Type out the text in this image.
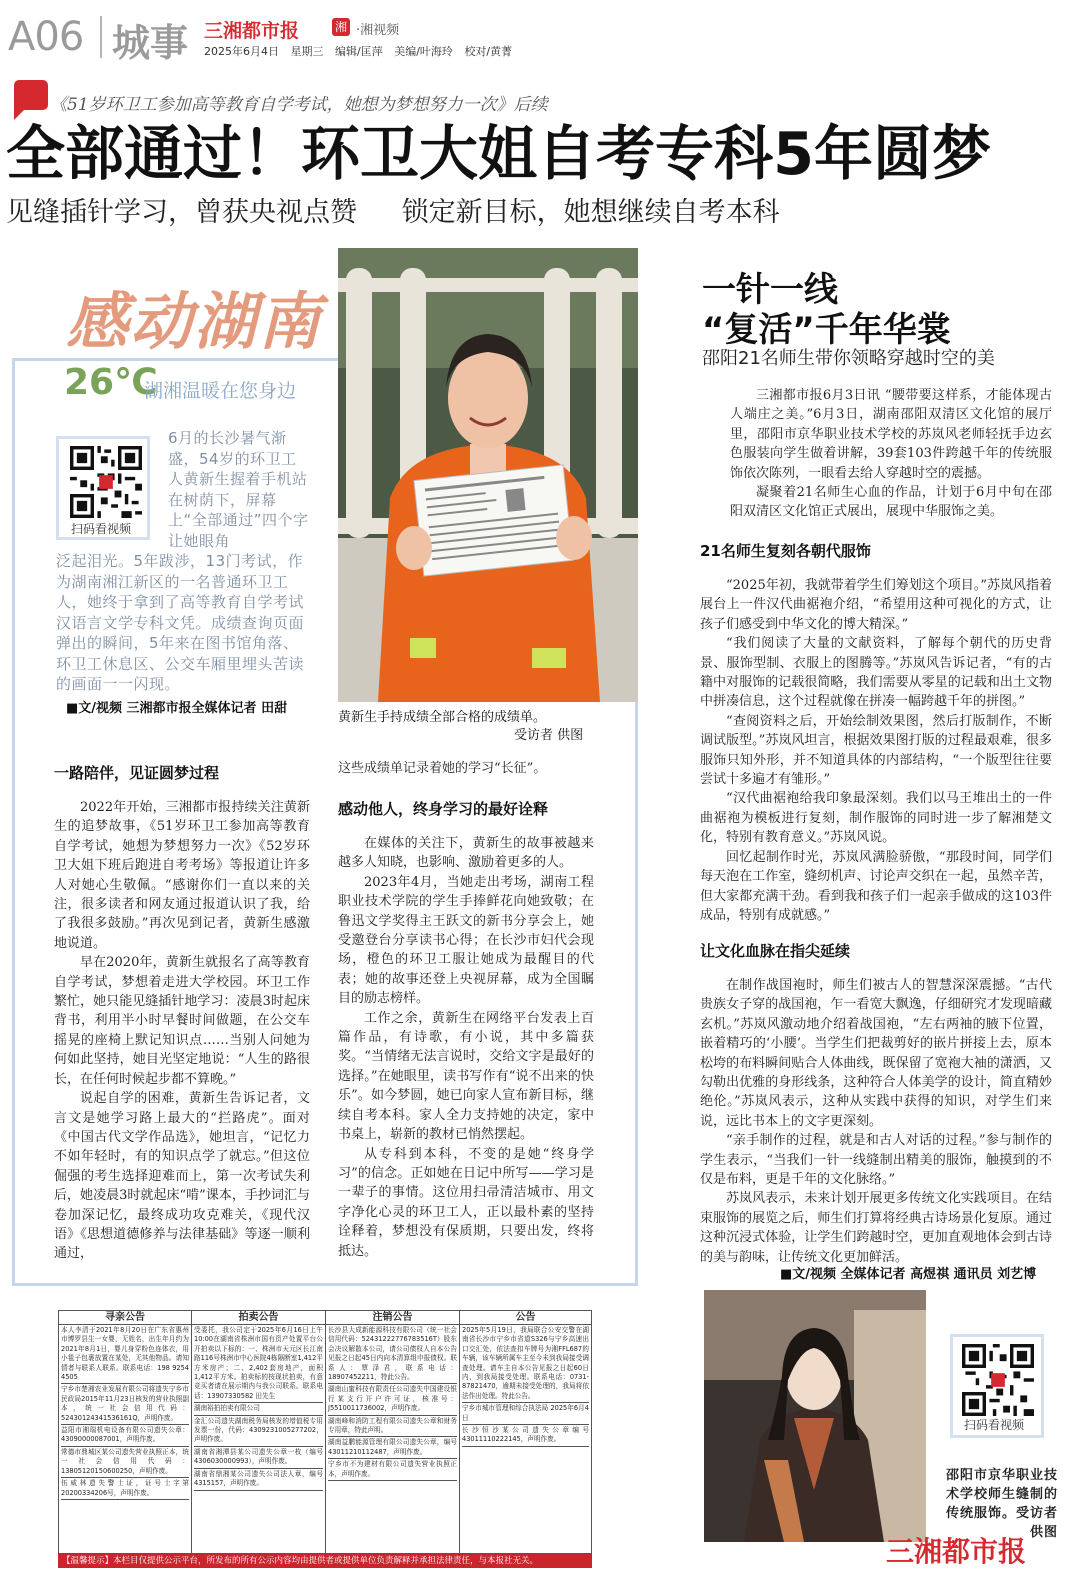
A06 城事 三湘都市报	湘 ·湘视频
2025年6月4日 星期三 编辑/匡萍 美编/叶海玲 校对/黄菁
《51岁环卫工参加高等教育自学考试，她想为梦想努力一次》后续
全部通过！环卫大姐自考专科5年圆梦
见缝插针学习，曾获央视点赞 锁定新目标，她想继续自考本科
感动湖南
26℃
湖湘温暖在您身边
扫码看视频
6月的长沙暑气渐盛，54岁的环卫工人黄新生握着手机站在树荫下，屏幕上“全部通过”四个字让她眼角
泛起泪光。5年跋涉，13门考试，作为湖南湘江新区的一名普通环卫工人，她终于拿到了高等教育自学考试汉语言文学专科文凭。成绩查询页面弹出的瞬间，5年来在图书馆角落、环卫工休息区、公交车厢里埋头苦读的画面一一闪现。
■文/视频 三湘都市报全媒体记者 田甜
黄新生手持成绩全部合格的成绩单。
受访者 供图
一路陪伴，见证圆梦过程

2022年开始，三湘都市报持续关注黄新生的追梦故事，《51岁环卫工参加高等教育自学考试，她想为梦想努力一次》《52岁环卫大姐下班后跑进自考考场》等报道让许多人对她心生敬佩。“感谢你们一直以来的关注，很多读者和网友通过报道认识了我，给了我很多鼓励。”再次见到记者，黄新生感激地说道。

早在2020年，黄新生就报名了高等教育自学考试，梦想着走进大学校园。环卫工作繁忙，她只能见缝插针地学习：凌晨3时起床背书，利用半小时早餐时间做题，在公交车摇晃的座椅上默记知识点……当别人问她为何如此坚持，她目光坚定地说：“人生的路很长，在任何时候起步都不算晚。”

说起自学的困难，黄新生告诉记者，文言文是她学习路上最大的“拦路虎”。面对《中国古代文学作品选》，她坦言，“记忆力不如年轻时，有的知识点学了就忘。”但这位倔强的考生选择迎难而上，第一次考试失利后，她凌晨3时就起床“啃”课本，手抄词汇与卷加深记忆，最终成功攻克难关，《现代汉语》《思想道德修养与法律基础》等逐一顺利通过，

这些成绩单记录着她的学习“长征”。
感动他人，终身学习的最好诠释

在媒体的关注下，黄新生的故事被越来越多人知晓，也影响、激励着更多的人。

2023年4月，当她走出考场，湖南工程职业技术学院的学生手捧鲜花向她致敬；在鲁迅文学奖得主王跃文的新书分享会上，她受邀登台分享读书心得；在长沙市妇代会现场，橙色的环卫工服让她成为最醒目的代表；她的故事还登上央视屏幕，成为全国瞩目的励志榜样。

工作之余，黄新生在网络平台发表上百篇作品，有诗歌，有小说，其中多篇获奖。“当情绪无法言说时，交给文字是最好的选择。”在她眼里，读书写作有“说不出来的快乐”。如今梦圆，她已向家人宣布新目标，继续自考本科。家人全力支持她的决定，家中书桌上，崭新的教材已悄然摆起。

从专科到本科，不变的是她“终身学习”的信念。正如她在日记中所写——学习是一辈子的事情。这位用扫帚清洁城市、用文字净化心灵的环卫工人，正以最朴素的坚持诠释着，梦想没有保质期，只要出发，终将抵达。

一针一线
“复活”千年华裳
邵阳21名师生带你领略穿越时空的美

三湘都市报6月3日讯 “腰带要这样系，才能体现古人端庄之美。”6月3日，湖南邵阳双清区文化馆的展厅里，邵阳市京华职业技术学校的苏岚风老师轻抚手边玄色服装向学生做着讲解，39套103件跨越千年的传统服饰依次陈列，一眼看去给人穿越时空的震撼。

凝聚着21名师生心血的作品，计划于6月中旬在邵阳双清区文化馆正式展出，展现中华服饰之美。

21名师生复刻各朝代服饰

“2025年初，我就带着学生们筹划这个项目。”苏岚风指着展台上一件汉代曲裾袍介绍，“希望用这种可视化的方式，让孩子们感受到中华文化的博大精深。”

“我们阅读了大量的文献资料，了解每个朝代的历史背景、服饰型制、衣服上的图腾等。”苏岚风告诉记者，“有的古籍中对服饰的记载很简略，我们需要从零星的记载和出土文物中拼凑信息，这个过程就像在拼凑一幅跨越千年的拼图。”

“查阅资料之后，开始绘制效果图，然后打版制作，不断调试版型。”苏岚风坦言，根据效果图打版的过程最艰难，很多服饰只知外形，并不知道具体的内部结构，“一个版型往往要尝试十多遍才有雏形。”

“汉代曲裾袍给我印象最深刻。我们以马王堆出土的一件曲裾袍为模板进行复刻，制作服饰的同时进一步了解湘楚文化，特别有教育意义。”苏岚风说。

回忆起制作时光，苏岚风满脸骄傲，“那段时间，同学们每天泡在工作室，缝纫机声、讨论声交织在一起，虽然辛苦，但大家都充满干劲。看到我和孩子们一起亲手做成的这103件成品，特别有成就感。”

让文化血脉在指尖延续

在制作战国袍时，师生们被古人的智慧深深震撼。“古代贵族女子穿的战国袍，乍一看宽大飘逸，仔细研究才发现暗藏玄机。”苏岚风激动地介绍着战国袍，“左右两袖的腋下位置，嵌着精巧的‘小腰’。当学生们把裁剪好的嵌片拼接上去，原本松垮的布料瞬间贴合人体曲线，既保留了宽袍大袖的潇洒，又勾勒出优雅的身形线条，这种符合人体美学的设计，简直精妙绝伦。”苏岚风表示，这种从实践中获得的知识，对学生们来说，远比书本上的文字更深刻。

“亲手制作的过程，就是和古人对话的过程。”参与制作的学生表示，“当我们一针一线缝制出精美的服饰，触摸到的不仅是布料，更是千年的文化脉络。”

苏岚风表示，未来计划开展更多传统文化实践项目。在结束服饰的展览之后，师生们打算将经典古诗场景化复原。通过这种沉浸式体验，让学生们跨越时空，更加直观地体会到古诗的美与韵味，让传统文化更加鲜活。

■文/视频 全媒体记者 高煜祺 通讯员 刘艺博
扫码看视频
邵阳市京华职业技术学校师生缝制的传统服饰。受访者 供图
三湘都市报
寻亲公告

本人李清于2021年8月20日在广东省惠州市博罗县生一女婴，无姓名，出生年月约为2021年8月1日，婴儿身穿粉色连体衣，用小毯子包裹放置在某处，无其他物品。请知情者与联系人联系。联系电话：198 9254 4505

宁乡市楚湘农业发展有限公司将遗失宁乡市民政局2015年11月23日核发的营业执照副本，统一社会信用代码：52430124341536161Q，声明作废。

益阳市湘瑞机电设备有限公司遗失公章：43090000087001，声明作废。

常德市鼎城区某公司遗失营业执照正本，统一社会信用代码：13805120150600250，声明作废。

伍威林遗失警士证，证号士字第20200334206号，声明作废。

拍卖公告

受委托，我公司定于2025年6月16日上午10:00在湖南省株洲市国有资产处置平台公开拍卖以下标的：一、株洲市天元区长江南路116号株洲市中心医院4栋隔断室1,412平方米房产；二、2,402套房地产，面积1,412平方米。拍卖标的按现状拍卖，有意竞买者请在展示期内与我公司联系。联系电话：13907330582 田先生

湖南裕拍拍卖有限公司

金汇公司遗失湖南税务局核发的增值税专用发票一份，代码：4309231005277202，声明作废。

湖南省湘潭县某公司遗失公章一枚（编号4306030000993），声明作废。

湖南省鼎湘某公司遗失公司法人章，编号4315157，声明作废。

注销公告

长沙县大成新能源科技有限公司（统一社会信用代码：52431222776783516T）股东会决议解散本公司，请公司债权人自本公告见报之日起45日内向本清算组申报债权。联系人：覃泽君，联系电话：18907452211，特此公告。

湖南山蜜科技有限责任公司遗失中国建设银行某支行开户许可证，核准号：J5510011736002，声明作废。

湖南峰和消防工程有限公司遗失公章和财务专用章，特此声明。

湖南益鹏能源管理有限公司遗失公章，编号43011210112487，声明作废。

宁乡市不为建材有限公司遗失营业执照正本，声明作废。

公告

2025年5月19日，我局联合公安交警在湖南省长沙市宁乡市省道S326与宁乡高速出口交汇处，依法查扣车牌号为湘FFL687的车辆，该车辆所属车主至今未到我局接受调查处理。请车主自本公告见报之日起60日内，到我局接受处理。联系电话：0731-87821470，逾期未接受处理的，我局将依法作出处理。特此公告。

宁乡市城市管理和综合执法局 2025年6月4日

长沙恒沙某公司遗失公章编号43011110222145，声明作废。

【温馨提示】本栏目仅提供公示平台，所发布的所有公示内容均由提供者或提供单位负责解释并承担法律责任，与本报社无关。
